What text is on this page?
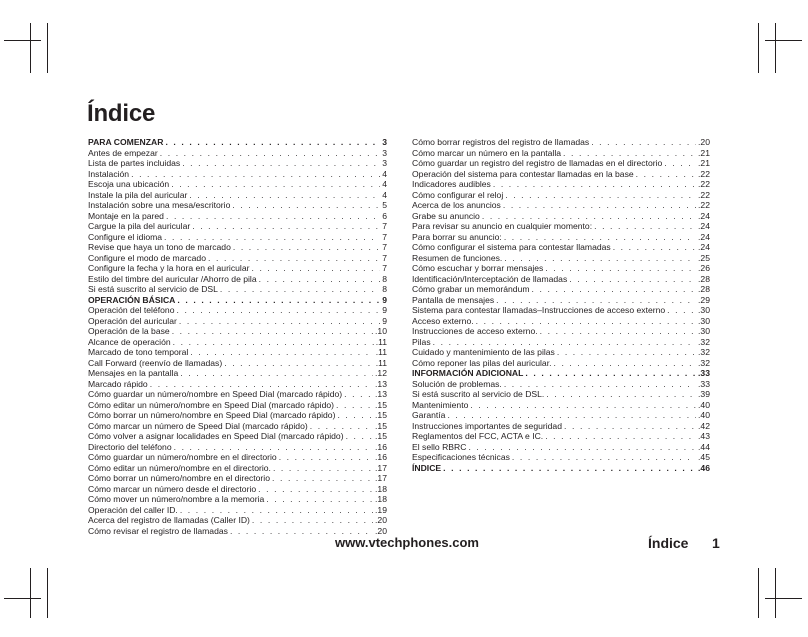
Índice
PARA COMENZAR . . .	3
Antes de empezar . . .	3
Lista de partes incluidas . . .	3
Instalación . . .	4
Escoja una ubicación . . .	4
Instale la pila del auricular . . .	4
Instalación sobre una mesa/escritorio . . .	5
Montaje en la pared . . .	6
Cargue la pila del auricular . . .	7
Configure el idioma . . .	7
Revise que haya un tono de marcado . . .	7
Configure el modo de marcado . . .	7
Configure la fecha y la hora en el auricular . . .	7
Estilo del timbre del auricular /Ahorro de pila . . .	8
Si está suscrito al servicio de DSL . . .	8
OPERACIÓN BÁSICA . . .	9
Operación del teléfono . . .	9
Operación del auricular . . .	9
Operación de la base . . .	.10
Alcance de operación . . .	.11
Marcado de tono temporal . . .	.11
Call Forward (reenvío de llamadas) . . .	.11
Mensajes en la pantalla . . .	.12
Marcado rápido . . .	.13
Cómo guardar un número/nombre en Speed Dial (marcado rápido) . . .	.13
Cómo editar un número/nombre en Speed Dial (marcado rápido) . . .	.15
Cómo borrar un número/nombre en Speed Dial (marcado rápido) . . .	.15
Cómo marcar un número de Speed Dial (marcado rápido) . . .	.15
Cómo volver a asignar localidades en Speed Dial (marcado rápido) . . .	.15
Directorio del teléfono . . .	.16
Cómo guardar un número/nombre en el directorio . . .	.16
Cómo editar un número/nombre en el directorio. . . .	.17
Cómo borrar un número/nombre en el directorio . . .	.17
Cómo marcar un número desde el directorio . . .	.18
Cómo mover un número/nombre a la memoria . . .	.18
Operación del caller ID. . . .	.19
Acerca del registro de llamadas (Caller ID) . . .	.20
Cómo revisar el registro de llamadas . . .	.20
Cómo borrar registros del registro de llamadas . . .	.20
Cómo marcar un número en la pantalla . . .	.21
Cómo guardar un registro del registro de llamadas en el directorio . . .	.21
Operación del sistema para contestar llamadas en la base . . .	.22
Indicadores audibles . . .	.22
Cómo configurar el reloj . . .	.22
Acerca de los anuncios . . .	.22
Grabe su anuncio . . .	.24
Para revisar su anuncio en cualquier momento: . . .	.24
Para borrar su anuncio: . . .	.24
Cómo configurar el sistema para contestar llamadas . . .	.24
Resumen de funciones. . . .	.25
Cómo escuchar y borrar mensajes . . .	.26
Identificación/Interceptación de llamadas . . .	.28
Cómo grabar un memorándum . . .	.28
Pantalla de mensajes . . .	.29
Sistema para contestar llamadas–Instrucciones de acceso externo . . .	.30
Acceso externo. . . .	.30
Instrucciones de acceso externo. . . .	.30
Pilas . . .	.32
Cuidado y mantenimiento de las pilas . . .	.32
Cómo reponer las pilas del auricular. . . .	.32
INFORMACIÓN ADICIONAL . . .	.33
Solución de problemas. . . .	.33
Si está suscrito al servicio de DSL. . . .	.39
Mantenimiento . . .	.40
Garantía . . .	.40
Instrucciones importantes de seguridad . . .	.42
Reglamentos del FCC, ACTA e IC. . . .	.43
El sello RBRC . . .	.44
Especificaciones técnicas . . .	.45
ÍNDICE . . .	.46
www.vtechphones.com	Índice 1
